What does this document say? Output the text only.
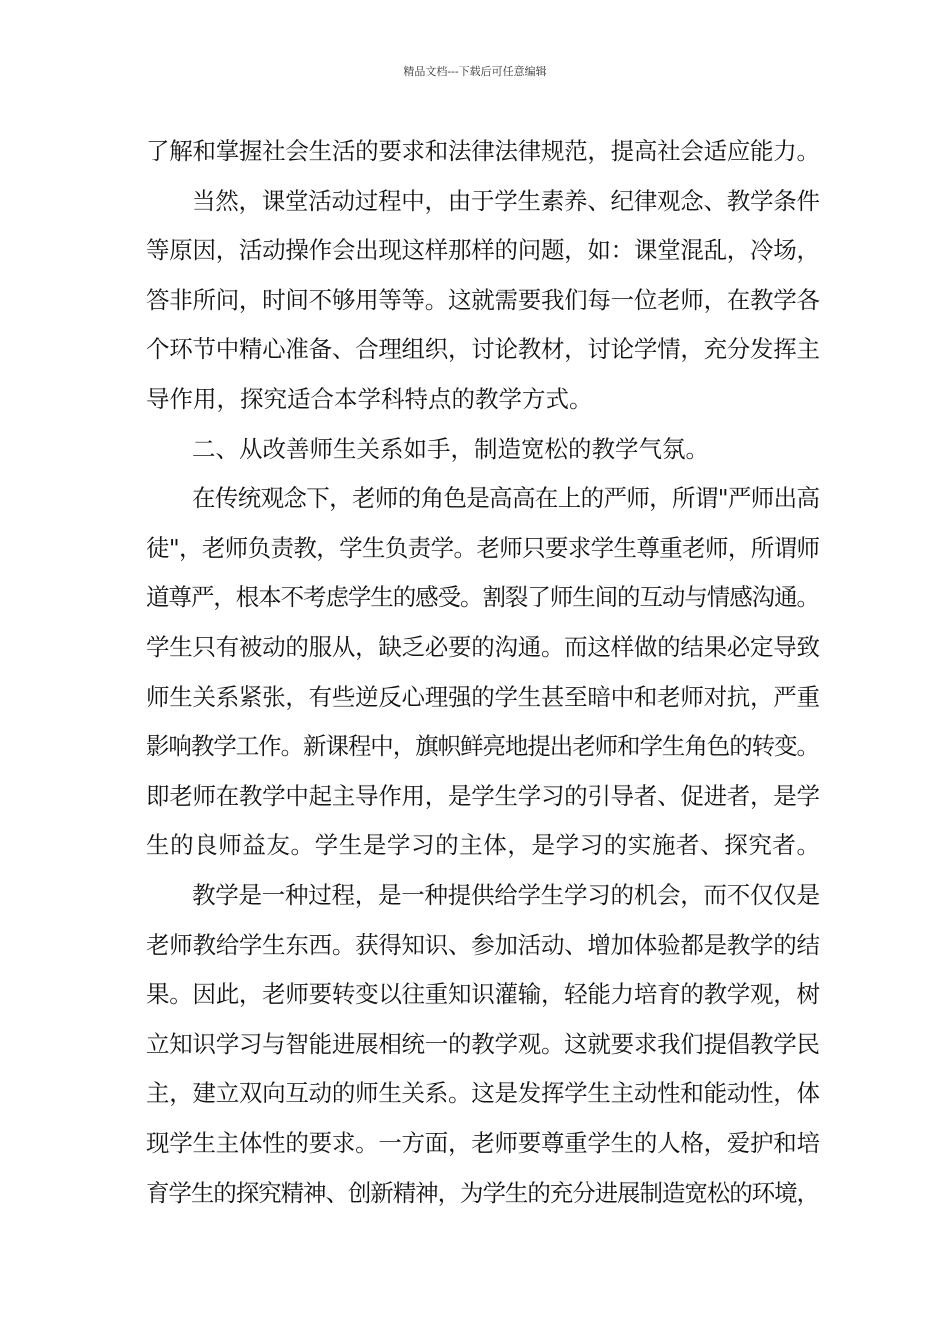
精品文档---下载后可任意编辑
了解和掌握社会生活的要求和法律法律规范，提高社会适应能力。
当然，课堂活动过程中，由于学生素养、纪律观念、教学条件
等原因，活动操作会出现这样那样的问题，如：课堂混乱，冷场，
答非所问，时间不够用等等。这就需要我们每一位老师，在教学各
个环节中精心准备、合理组织，讨论教材，讨论学情，充分发挥主
导作用，探究适合本学科特点的教学方式。
二、从改善师生关系如手，制造宽松的教学气氛。
在传统观念下，老师的角色是高高在上的严师，所谓"严师出高
徒"，老师负责教，学生负责学。老师只要求学生尊重老师，所谓师
道尊严，根本不考虑学生的感受。割裂了师生间的互动与情感沟通。
学生只有被动的服从，缺乏必要的沟通。而这样做的结果必定导致
师生关系紧张，有些逆反心理强的学生甚至暗中和老师对抗，严重
影响教学工作。新课程中，旗帜鲜亮地提出老师和学生角色的转变。
即老师在教学中起主导作用，是学生学习的引导者、促进者，是学
生的良师益友。学生是学习的主体，是学习的实施者、探究者。
教学是一种过程，是一种提供给学生学习的机会，而不仅仅是
老师教给学生东西。获得知识、参加活动、增加体验都是教学的结
果。因此，老师要转变以往重知识灌输，轻能力培育的教学观，树
立知识学习与智能进展相统一的教学观。这就要求我们提倡教学民
主，建立双向互动的师生关系。这是发挥学生主动性和能动性，体
现学生主体性的要求。一方面，老师要尊重学生的人格，爱护和培
育学生的探究精神、创新精神，为学生的充分进展制造宽松的环境，
